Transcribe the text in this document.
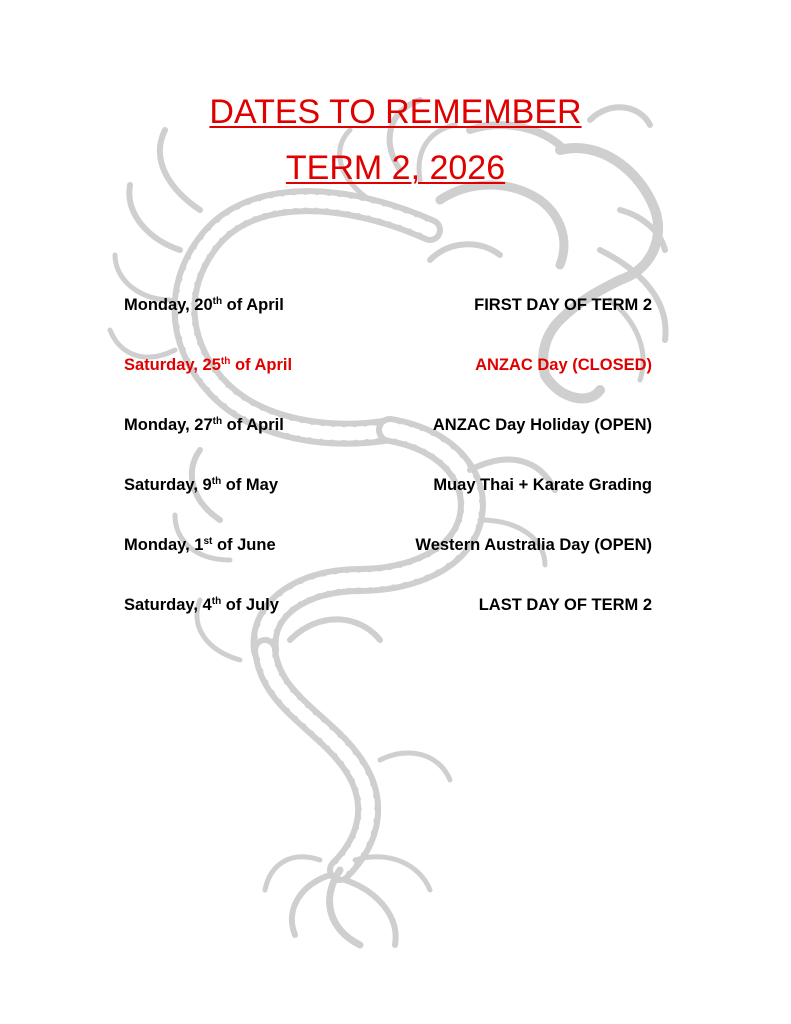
DATES TO REMEMBER
TERM 2, 2026
Monday, 20th of April	FIRST DAY OF TERM 2
Saturday, 25th of April	ANZAC Day (CLOSED)
Monday, 27th of April	ANZAC Day Holiday (OPEN)
Saturday, 9th of May	Muay Thai + Karate Grading
Monday, 1st of June	Western Australia Day (OPEN)
Saturday, 4th of July	LAST DAY OF TERM 2
